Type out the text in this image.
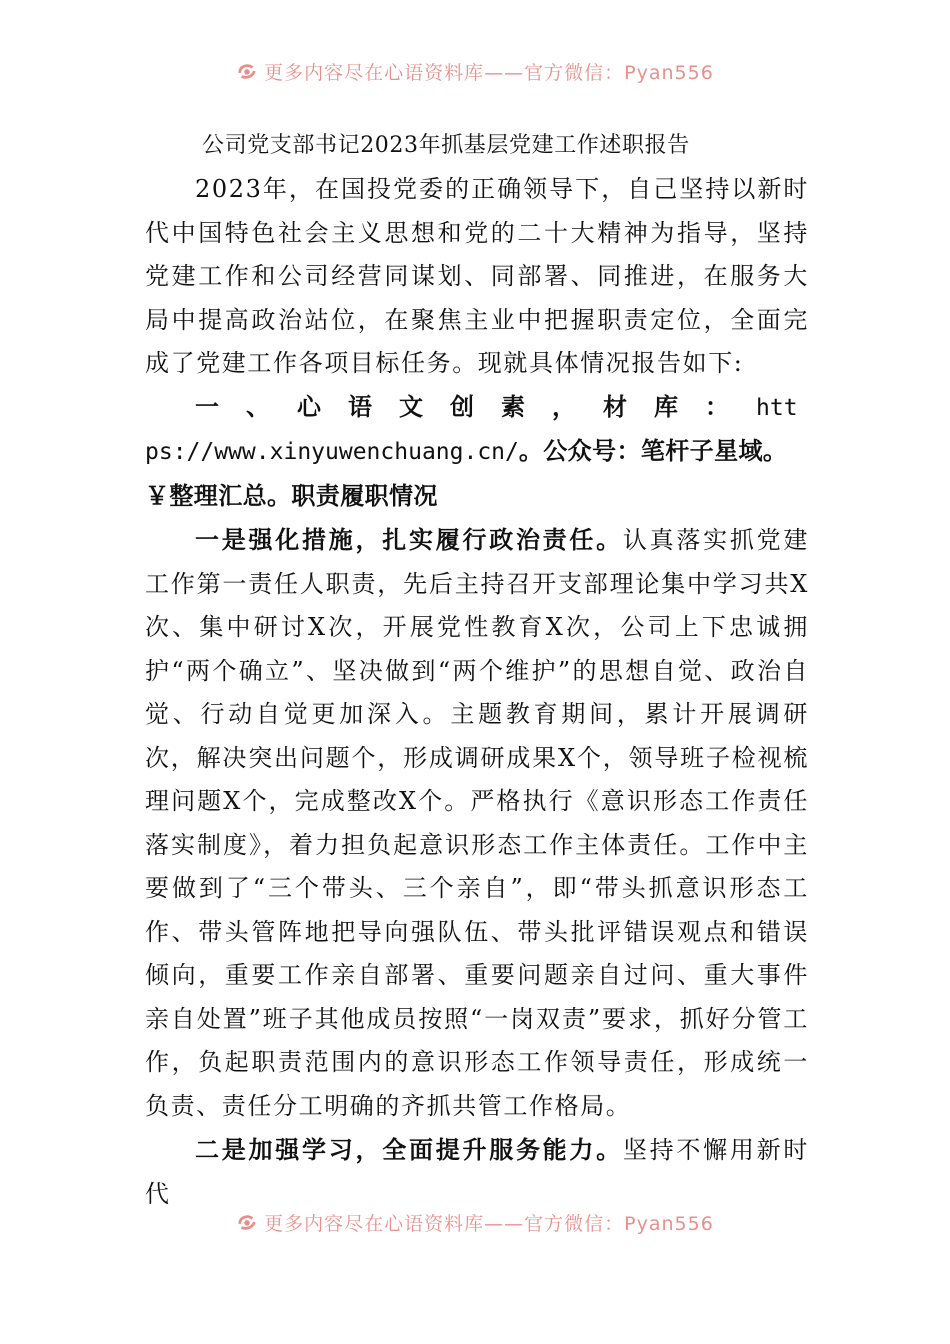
更多内容尽在心语资料库——官方微信：Pyan556
公司党支部书记2023年抓基层党建工作述职报告

2023年，在国投党委的正确领导下，自己坚持以新时代中国特色社会主义思想和党的二十大精神为指导，坚持党建工作和公司经营同谋划、同部署、同推进，在服务大局中提高政治站位，在聚焦主业中把握职责定位，全面完成了党建工作各项目标任务。现就具体情况报告如下:

一、心语文创素，材库：https://www.xinyuwenchuang.cn/。公众号：笔杆子星域。￥整理汇总。职责履职情况

一是强化措施，扎实履行政治责任。认真落实抓党建工作第一责任人职责，先后主持召开支部理论集中学习共X次、集中研讨X次，开展党性教育X次，公司上下忠诚拥护“两个确立”、坚决做到“两个维护”的思想自觉、政治自觉、行动自觉更加深入。主题教育期间，累计开展调研次，解决突出问题个，形成调研成果X个，领导班子检视梳理问题X个，完成整改X个。严格执行《意识形态工作责任落实制度》，着力担负起意识形态工作主体责任。工作中主要做到了“三个带头、三个亲自”，即“带头抓意识形态工作、带头管阵地把导向强队伍、带头批评错误观点和错误倾向，重要工作亲自部署、重要问题亲自过问、重大事件亲自处置”班子其他成员按照“一岗双责”要求，抓好分管工作，负起职责范围内的意识形态工作领导责任，形成统一负责、责任分工明确的齐抓共管工作格局。

二是加强学习，全面提升服务能力。坚持不懈用新时代

更多内容尽在心语资料库——官方微信：Pyan556
